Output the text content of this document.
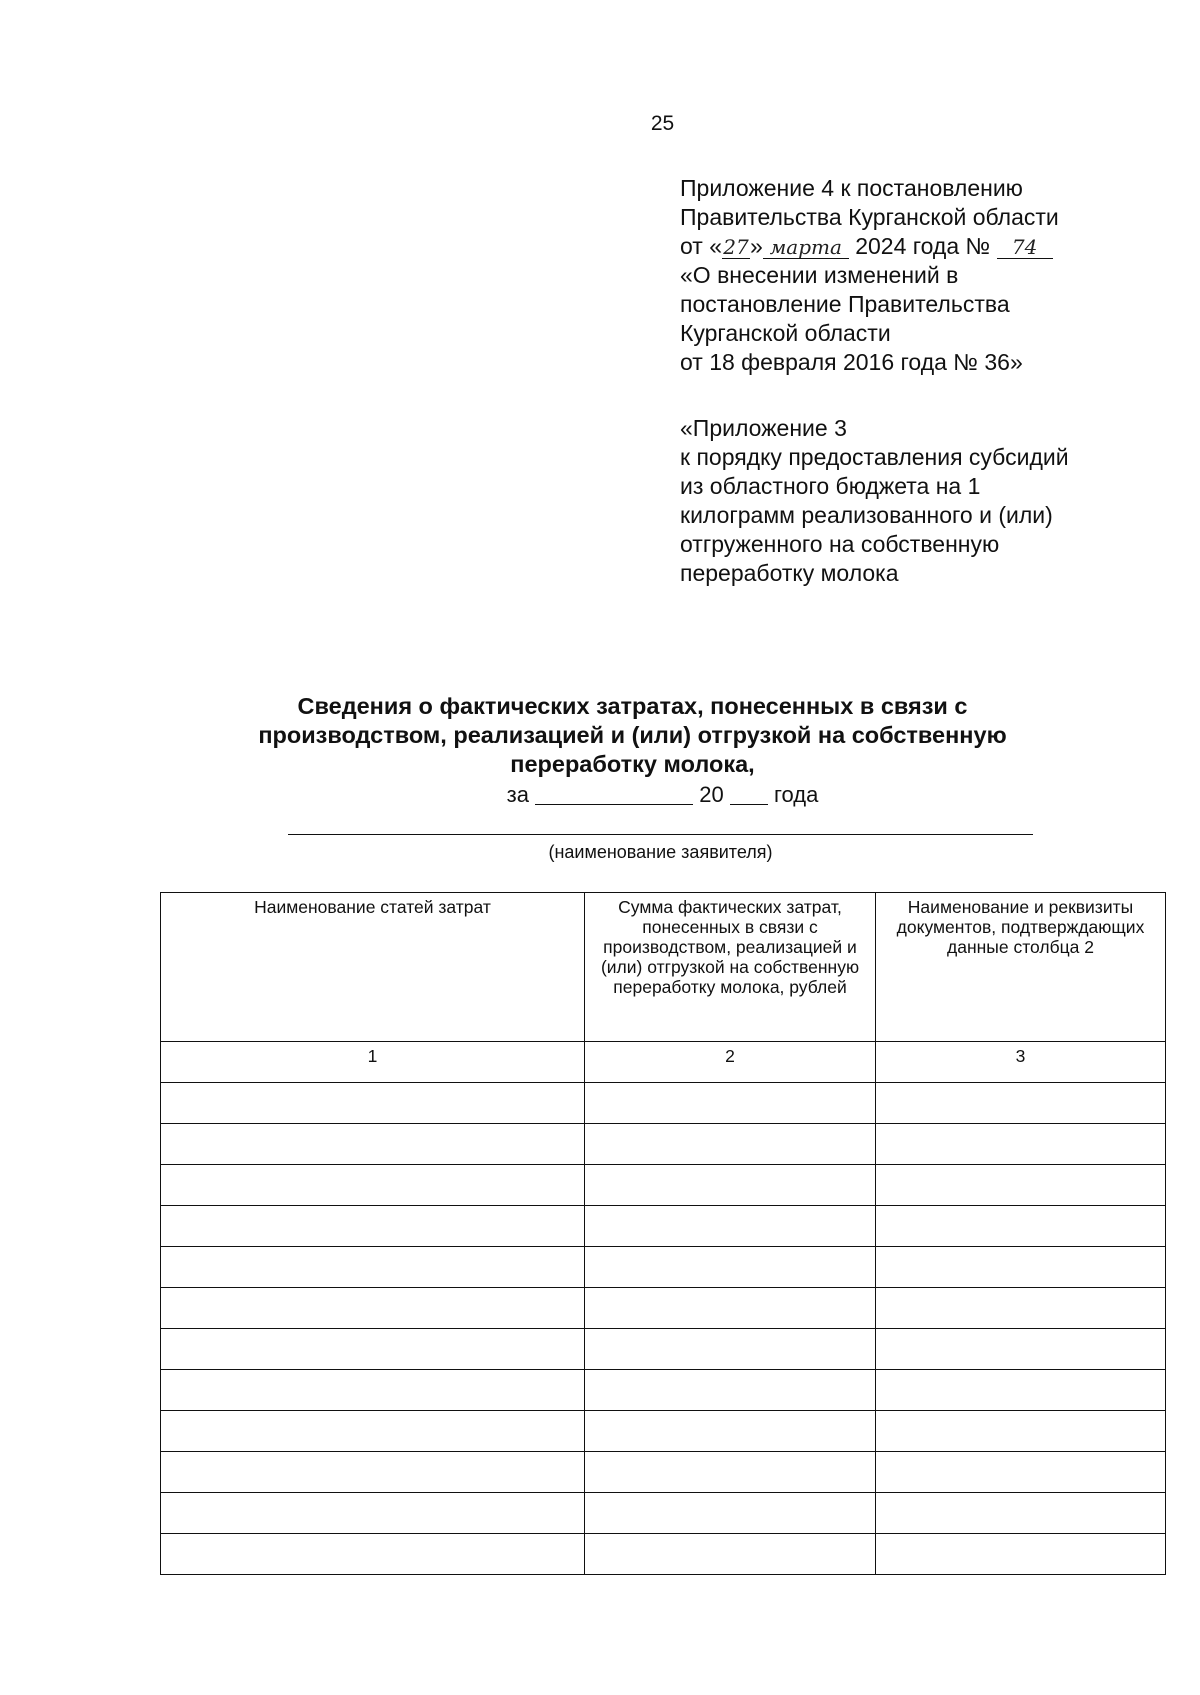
25
Приложение 4 к постановлению
Правительства Курганской области
от «27» марта 2024 года № 74
«О внесении изменений в
постановление Правительства
Курганской области
от 18 февраля 2016 года № 36»
«Приложение 3
к порядку предоставления субсидий
из областного бюджета на 1
килограмм реализованного и (или)
отгруженного на собственную
переработку молока
Сведения о фактических затратах, понесенных в связи с
производством, реализацией и (или) отгрузкой на собственную
переработку молока,
за	20 года
(наименование заявителя)
Наименование статей затрат	Сумма фактических затрат, понесенных в связи с производством, реализацией и (или) отгрузкой на собственную переработку молока, рублей	Наименование и реквизиты документов, подтверждающих данные столбца 2
1	2	3
